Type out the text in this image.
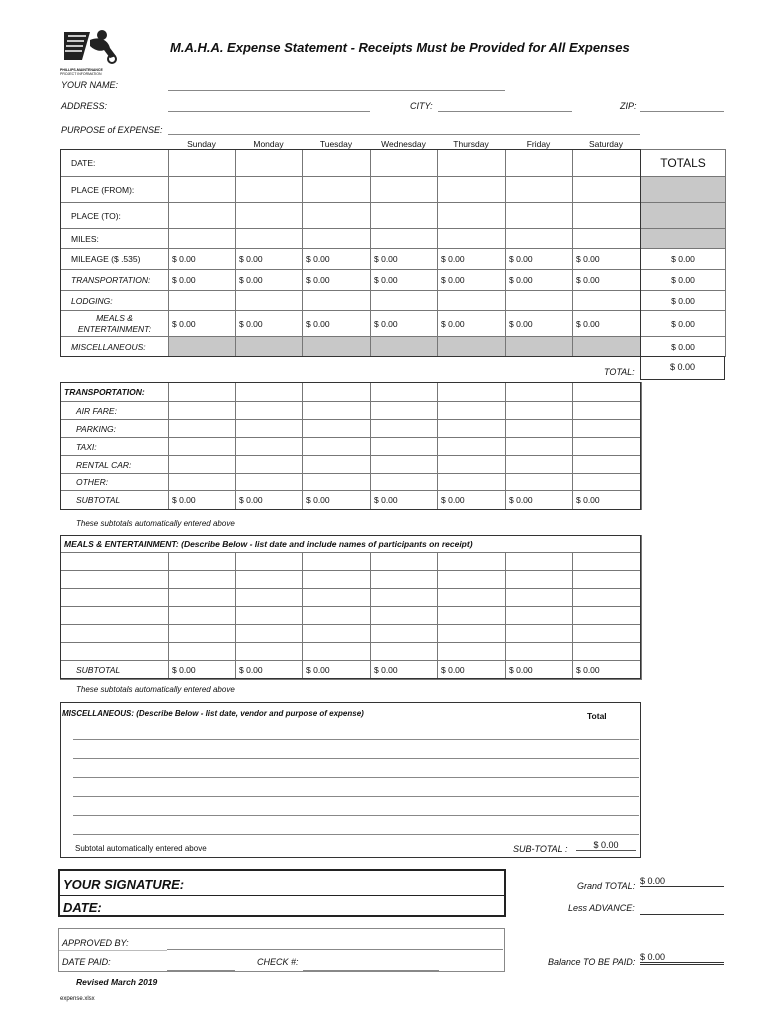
PHILLIPS-MAINTENANCE
PROJECT INFORMATION
M.A.H.A. Expense Statement - Receipts Must be Provided for All Expenses
YOUR NAME:
ADDRESS:	CITY:	ZIP:
PURPOSE of EXPENSE:
Sunday	Monday	Tuesday	Wednesday	Thursday	Friday	Saturday
DATE:								TOTALS
PLACE (FROM):								
PLACE (TO):								
MILES:								
MILEAGE ($ .535)	$ 0.00	$ 0.00	$ 0.00	$ 0.00	$ 0.00	$ 0.00	$ 0.00	$ 0.00
TRANSPORTATION:	$ 0.00	$ 0.00	$ 0.00	$ 0.00	$ 0.00	$ 0.00	$ 0.00	$ 0.00
LODGING:								$ 0.00

MEALS &
ENTERTAINMENT:	$ 0.00	$ 0.00	$ 0.00	$ 0.00	$ 0.00	$ 0.00	$ 0.00	$ 0.00
MISCELLANEOUS:								$ 0.00
TOTAL:	$ 0.00
TRANSPORTATION:							
AIR FARE:							
PARKING:							
TAXI:							
RENTAL CAR:							
OTHER:							
SUBTOTAL	$ 0.00	$ 0.00	$ 0.00	$ 0.00	$ 0.00	$ 0.00	$ 0.00
These subtotals automatically entered above
MEALS & ENTERTAINMENT: (Describe Below - list date and include names of participants on receipt)							

SUBTOTAL	$ 0.00	$ 0.00	$ 0.00	$ 0.00	$ 0.00	$ 0.00	$ 0.00
These subtotals automatically entered above
MISCELLANEOUS: (Describe Below - list date, vendor and purpose of expense)	Total
Subtotal automatically entered above	SUB-TOTAL :	$ 0.00
YOUR SIGNATURE:
DATE:
Grand TOTAL: $ 0.00
Less ADVANCE:
APPROVED BY:
DATE PAID:	CHECK #:	Balance TO BE PAID: $ 0.00
Revised March 2019
expense.xlsx
